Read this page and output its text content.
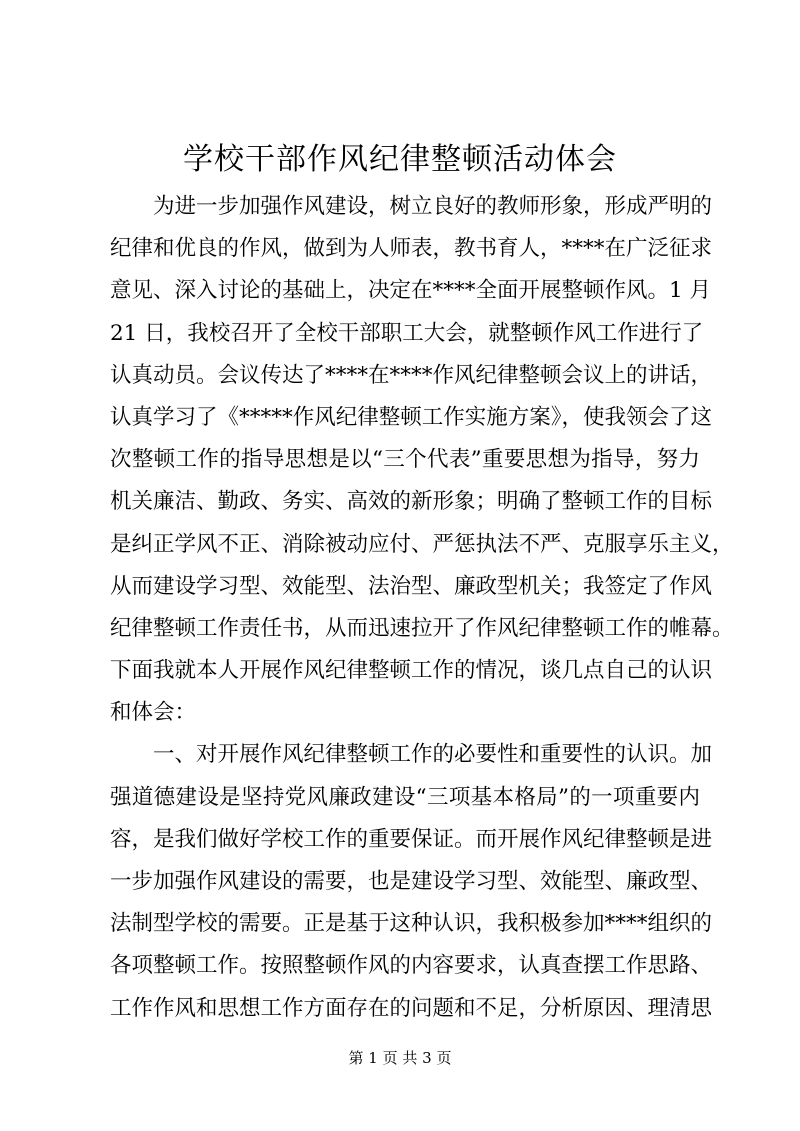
学校干部作风纪律整顿活动体会
为进一步加强作风建设，树立良好的教师形象，形成严明的
纪律和优良的作风，做到为人师表，教书育人，****在广泛征求
意见、深入讨论的基础上，决定在****全面开展整顿作风。1 月
21 日，我校召开了全校干部职工大会，就整顿作风工作进行了
认真动员。会议传达了****在****作风纪律整顿会议上的讲话，
认真学习了《*****作风纪律整顿工作实施方案》，使我领会了这
次整顿工作的指导思想是以“三个代表”重要思想为指导，努力
机关廉洁、勤政、务实、高效的新形象；明确了整顿工作的目标
是纠正学风不正、消除被动应付、严惩执法不严、克服享乐主义，
从而建设学习型、效能型、法治型、廉政型机关；我签定了作风
纪律整顿工作责任书，从而迅速拉开了作风纪律整顿工作的帷幕。
下面我就本人开展作风纪律整顿工作的情况，谈几点自己的认识
和体会：
一、对开展作风纪律整顿工作的必要性和重要性的认识。加
强道德建设是坚持党风廉政建设“三项基本格局”的一项重要内
容，是我们做好学校工作的重要保证。而开展作风纪律整顿是进
一步加强作风建设的需要，也是建设学习型、效能型、廉政型、
法制型学校的需要。正是基于这种认识，我积极参加****组织的
各项整顿工作。按照整顿作风的内容要求，认真查摆工作思路、
工作作风和思想工作方面存在的问题和不足，分析原因、理清思
第 1 页 共 3 页
